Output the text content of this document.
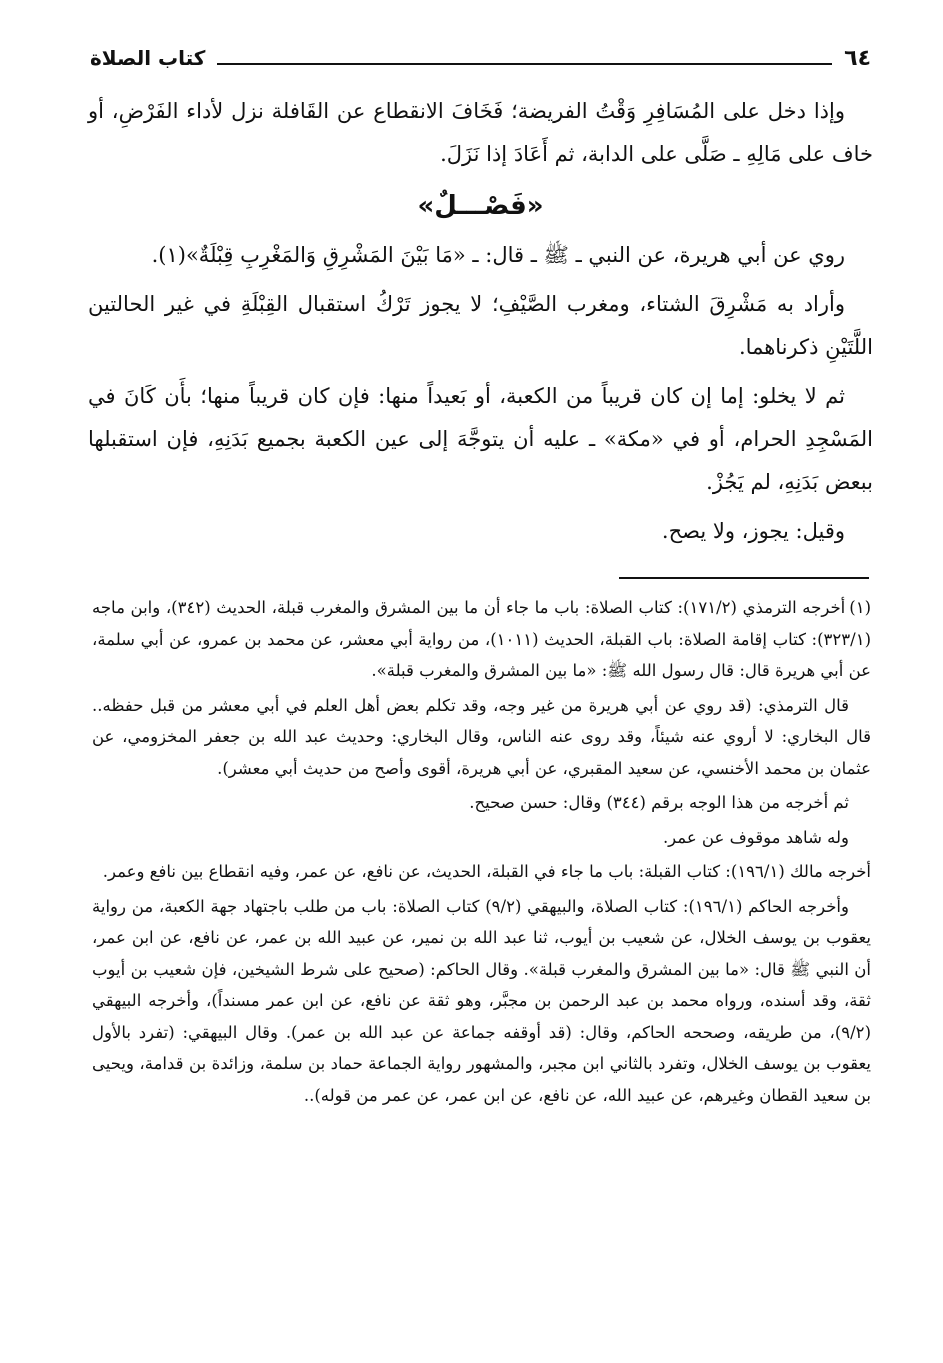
٦٤
كتاب الصلاة

وإذا دخل على المُسَافِرِ وَقْتُ الفريضة؛ فَخَافَ الانقطاع عن القَافلة نزل لأداء الفَرْضِ، أو خاف على مَالِهِ ـ صَلَّى على الدابة، ثم أَعَادَ إذا نَزَلَ.

«فَصْـــلٌ»

روي عن أبي هريرة، عن النبي ـ ﷺ ـ قال: ـ «مَا بَيْنَ المَشْرِقِ وَالمَغْرِبِ قِبْلَةٌ»(١).

وأراد به مَشْرِقَ الشتاء، ومغرب الصَّيْفِ؛ لا يجوز تَرْكُ استقبال القِبْلَةِ في غير الحالتين اللَّتَيْنِ ذكرناهما.

ثم لا يخلو: إما إن كان قريباً من الكعبة، أو بَعيداً منها: فإن كان قريباً منها؛ بأَن كَانَ في المَسْجِدِ الحرام، أو في «مكة» ـ عليه أن يتوجَّهَ إلى عين الكعبة بجميع بَدَنِهِ، فإن استقبلها ببعض بَدَنِهِ، لم يَجُزْ.

وقيل: يجوز، ولا يصح.

(١)أخرجه الترمذي (١٧١/٢): كتاب الصلاة: باب ما جاء أن ما بين المشرق والمغرب قبلة، الحديث (٣٤٢)، وابن ماجه (٣٢٣/١): كتاب إقامة الصلاة: باب القبلة، الحديث (١٠١١)، من رواية أبي معشر، عن محمد بن عمرو، عن أبي سلمة، عن أبي هريرة قال: قال رسول الله ﷺ: «ما بين المشرق والمغرب قبلة».

قال الترمذي: (قد روي عن أبي هريرة من غير وجه، وقد تكلم بعض أهل العلم في أبي معشر من قبل حفظه.. قال البخاري: لا أروي عنه شيئاً، وقد روى عنه الناس، وقال البخاري: وحديث عبد الله بن جعفر المخزومي، عن عثمان بن محمد الأخنسي، عن سعيد المقبري، عن أبي هريرة، أقوى وأصح من حديث أبي معشر).

ثم أخرجه من هذا الوجه برقم (٣٤٤) وقال: حسن صحيح.

وله شاهد موقوف عن عمر.

أخرجه مالك (١٩٦/١): كتاب القبلة: باب ما جاء في القبلة، الحديث، عن نافع، عن عمر، وفيه انقطاع بين نافع وعمر.

وأخرجه الحاكم (١٩٦/١): كتاب الصلاة، والبيهقي (٩/٢) كتاب الصلاة: باب من طلب باجتهاد جهة الكعبة، من رواية يعقوب بن يوسف الخلال، عن شعيب بن أيوب، ثنا عبد الله بن نمير، عن عبيد الله بن عمر، عن نافع، عن ابن عمر، أن النبي ﷺ قال: «ما بين المشرق والمغرب قبلة». وقال الحاكم: (صحيح على شرط الشيخين، فإن شعيب بن أيوب ثقة، وقد أسنده، ورواه محمد بن عبد الرحمن بن مجبَّر، وهو ثقة عن نافع، عن ابن عمر مسنداً)، وأخرجه البيهقي (٩/٢)، من طريقه، وصححه الحاكم، وقال: (قد أوقفه جماعة عن عبد الله بن عمر). وقال البيهقي: (تفرد بالأول يعقوب بن يوسف الخلال، وتفرد بالثاني ابن مجبر، والمشهور رواية الجماعة حماد بن سلمة، وزائدة بن قدامة، ويحيى بن سعيد القطان وغيرهم، عن عبيد الله، عن نافع، عن ابن عمر، عن عمر من قوله)..
